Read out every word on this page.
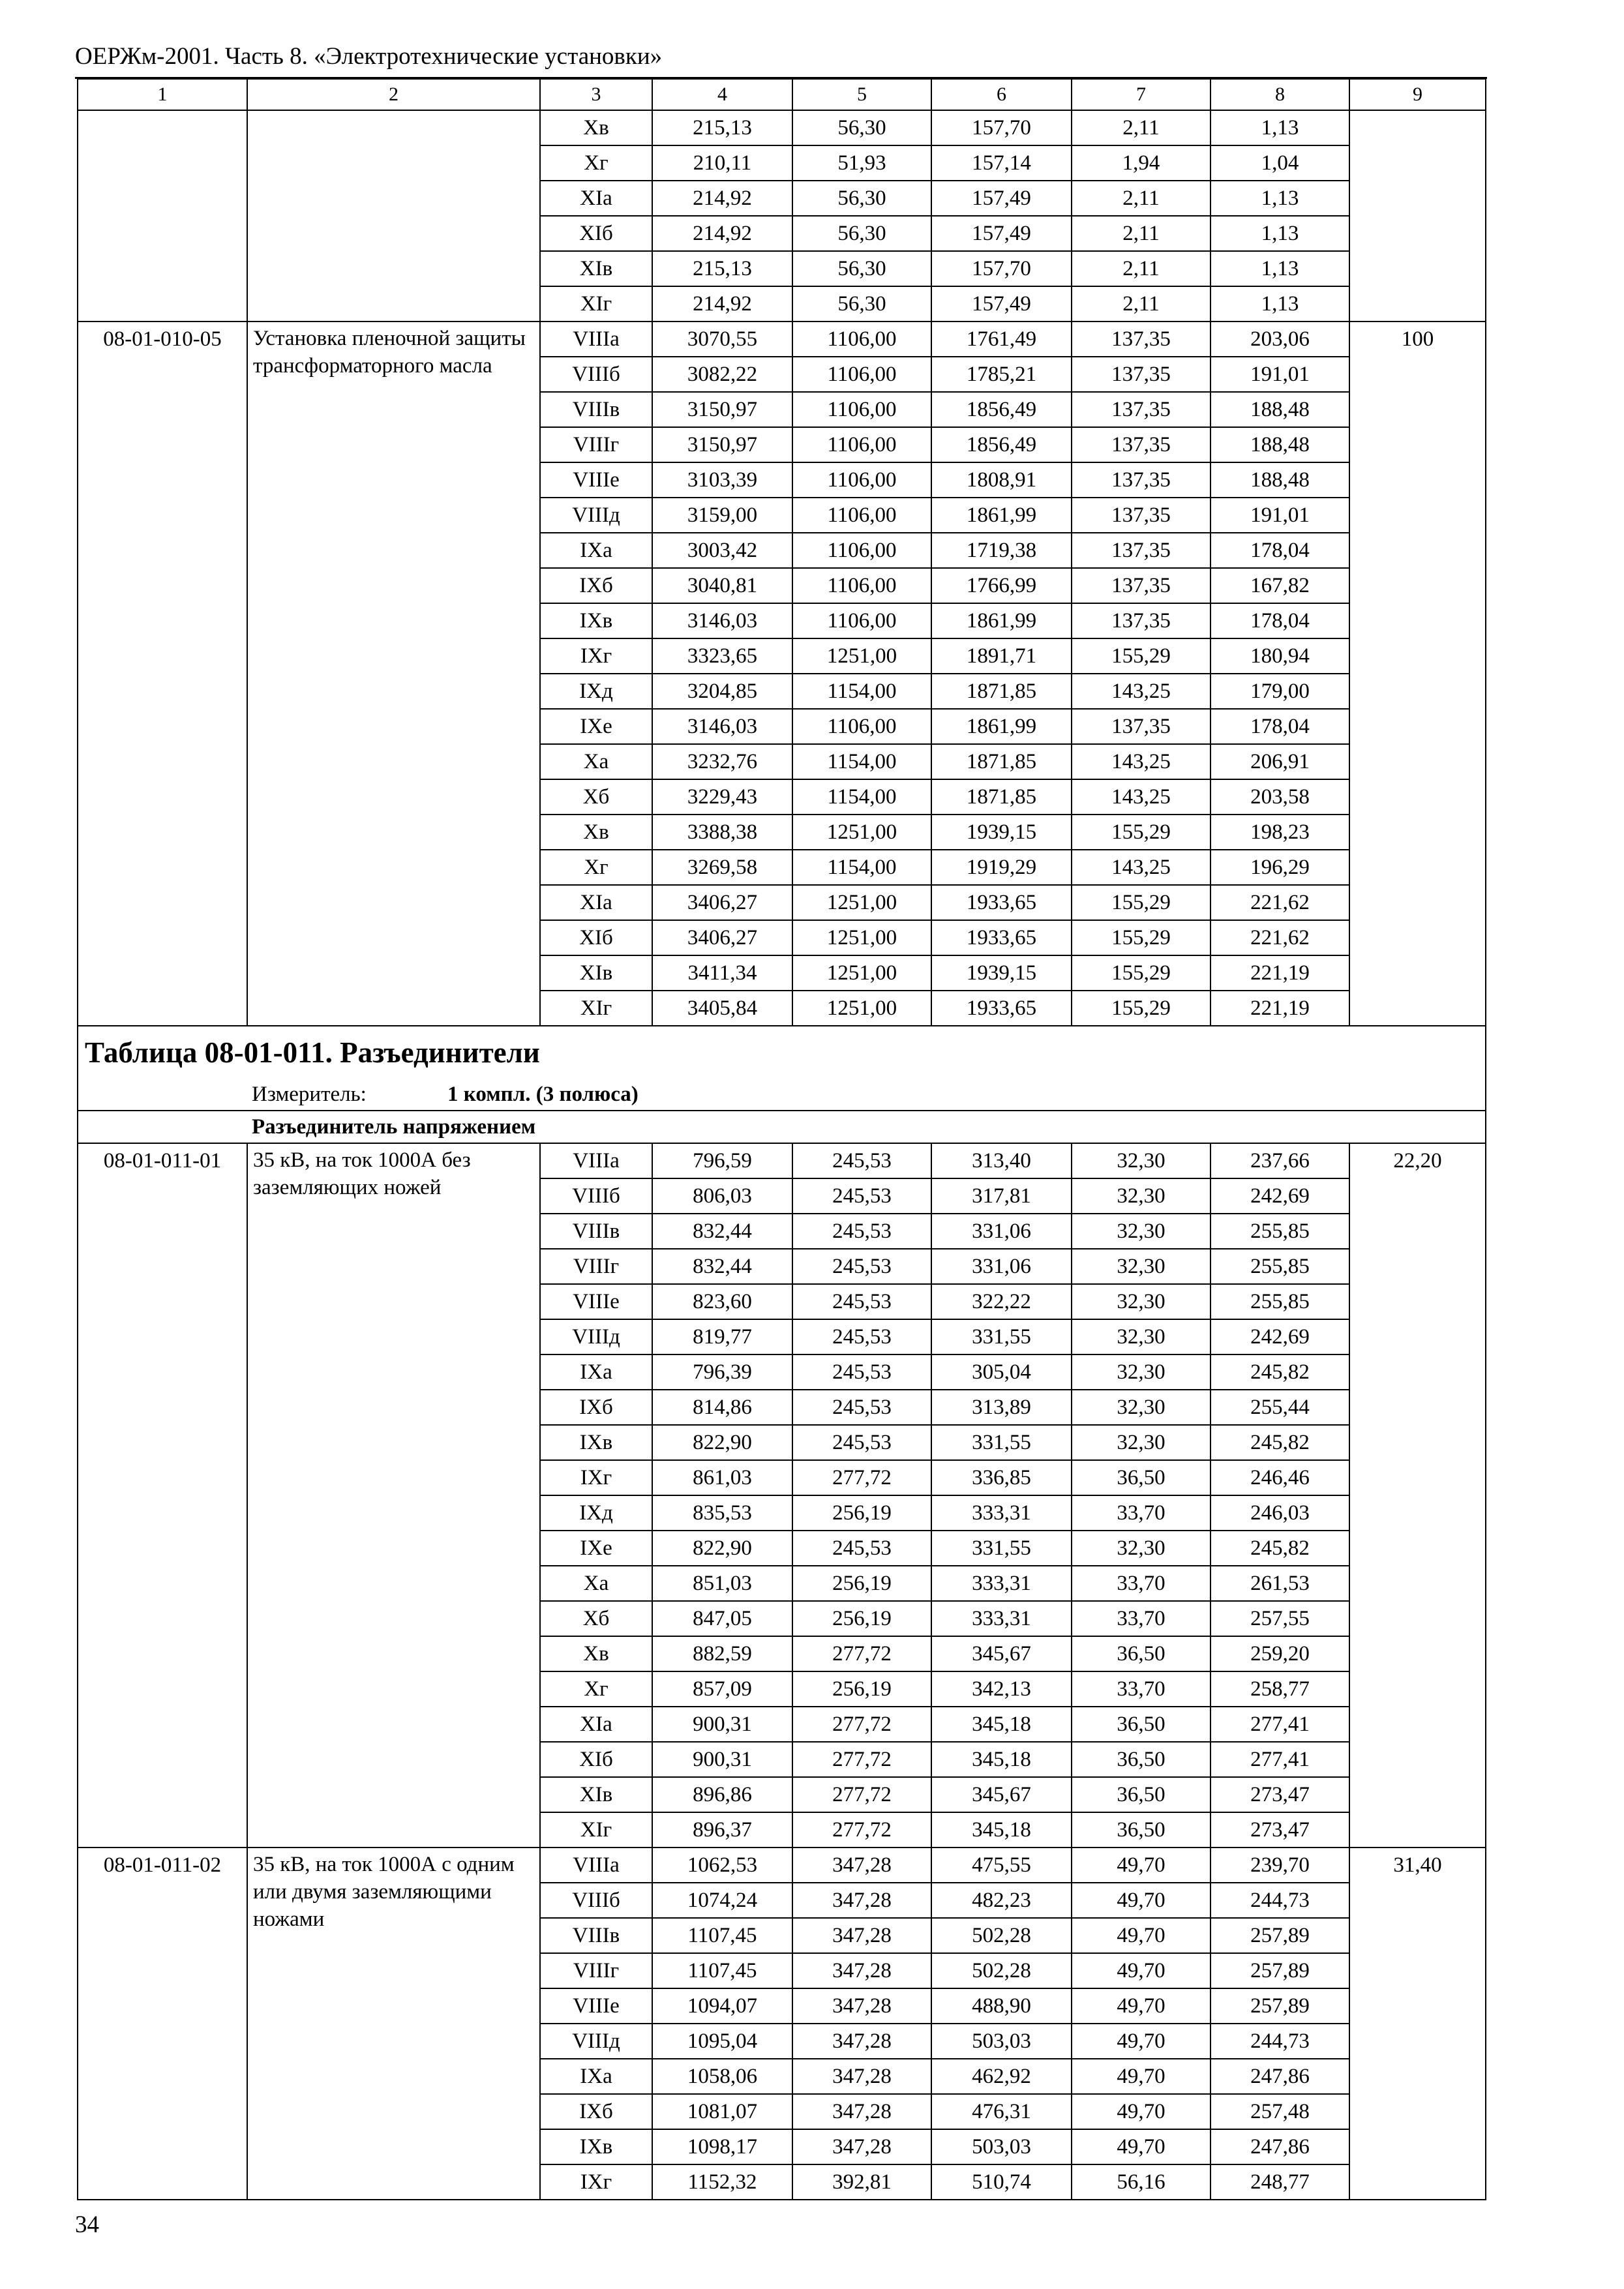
ОЕРЖм-2001. Часть 8. «Электротехнические установки»
1	2	3	4	5	6	7	8	9
		Xв	215,13	56,30	157,70	2,11	1,13	
		Xг	210,11	51,93	157,14	1,94	1,04	
		XIа	214,92	56,30	157,49	2,11	1,13	
		XIб	214,92	56,30	157,49	2,11	1,13	
		XIв	215,13	56,30	157,70	2,11	1,13	
		XIг	214,92	56,30	157,49	2,11	1,13	
08-01-010-05	Установка пленочной защиты трансформаторного масла	VIIIа	3070,55	1106,00	1761,49	137,35	203,06	100
		VIIIб	3082,22	1106,00	1785,21	137,35	191,01	
		VIIIв	3150,97	1106,00	1856,49	137,35	188,48	
		VIIIг	3150,97	1106,00	1856,49	137,35	188,48	
		VIIIе	3103,39	1106,00	1808,91	137,35	188,48	
		VIIIд	3159,00	1106,00	1861,99	137,35	191,01	
		IXа	3003,42	1106,00	1719,38	137,35	178,04	
		IXб	3040,81	1106,00	1766,99	137,35	167,82	
		IXв	3146,03	1106,00	1861,99	137,35	178,04	
		IXг	3323,65	1251,00	1891,71	155,29	180,94	
		IXд	3204,85	1154,00	1871,85	143,25	179,00	
		IXе	3146,03	1106,00	1861,99	137,35	178,04	
		Xа	3232,76	1154,00	1871,85	143,25	206,91	
		Xб	3229,43	1154,00	1871,85	143,25	203,58	
		Xв	3388,38	1251,00	1939,15	155,29	198,23	
		Xг	3269,58	1154,00	1919,29	143,25	196,29	
		XIа	3406,27	1251,00	1933,65	155,29	221,62	
		XIб	3406,27	1251,00	1933,65	155,29	221,62	
		XIв	3411,34	1251,00	1939,15	155,29	221,19	
		XIг	3405,84	1251,00	1933,65	155,29	221,19	
Таблица 08-01-011. Разъединители								
Измеритель: 1 компл. (3 полюса)								
Разъединитель напряжением								
08-01-011-01	35 кВ, на ток 1000А без заземляющих ножей	VIIIа	796,59	245,53	313,40	32,30	237,66	22,20
		VIIIб	806,03	245,53	317,81	32,30	242,69	
		VIIIв	832,44	245,53	331,06	32,30	255,85	
		VIIIг	832,44	245,53	331,06	32,30	255,85	
		VIIIе	823,60	245,53	322,22	32,30	255,85	
		VIIIд	819,77	245,53	331,55	32,30	242,69	
		IXа	796,39	245,53	305,04	32,30	245,82	
		IXб	814,86	245,53	313,89	32,30	255,44	
		IXв	822,90	245,53	331,55	32,30	245,82	
		IXг	861,03	277,72	336,85	36,50	246,46	
		IXд	835,53	256,19	333,31	33,70	246,03	
		IXе	822,90	245,53	331,55	32,30	245,82	
		Xа	851,03	256,19	333,31	33,70	261,53	
		Xб	847,05	256,19	333,31	33,70	257,55	
		Xв	882,59	277,72	345,67	36,50	259,20	
		Xг	857,09	256,19	342,13	33,70	258,77	
		XIа	900,31	277,72	345,18	36,50	277,41	
		XIб	900,31	277,72	345,18	36,50	277,41	
		XIв	896,86	277,72	345,67	36,50	273,47	
		XIг	896,37	277,72	345,18	36,50	273,47	
08-01-011-02	35 кВ, на ток 1000А с одним или двумя заземляющими ножами	VIIIа	1062,53	347,28	475,55	49,70	239,70	31,40
		VIIIб	1074,24	347,28	482,23	49,70	244,73	
		VIIIв	1107,45	347,28	502,28	49,70	257,89	
		VIIIг	1107,45	347,28	502,28	49,70	257,89	
		VIIIе	1094,07	347,28	488,90	49,70	257,89	
		VIIIд	1095,04	347,28	503,03	49,70	244,73	
		IXа	1058,06	347,28	462,92	49,70	247,86	
		IXб	1081,07	347,28	476,31	49,70	257,48	
		IXв	1098,17	347,28	503,03	49,70	247,86	
		IXг	1152,32	392,81	510,74	56,16	248,77	
34
